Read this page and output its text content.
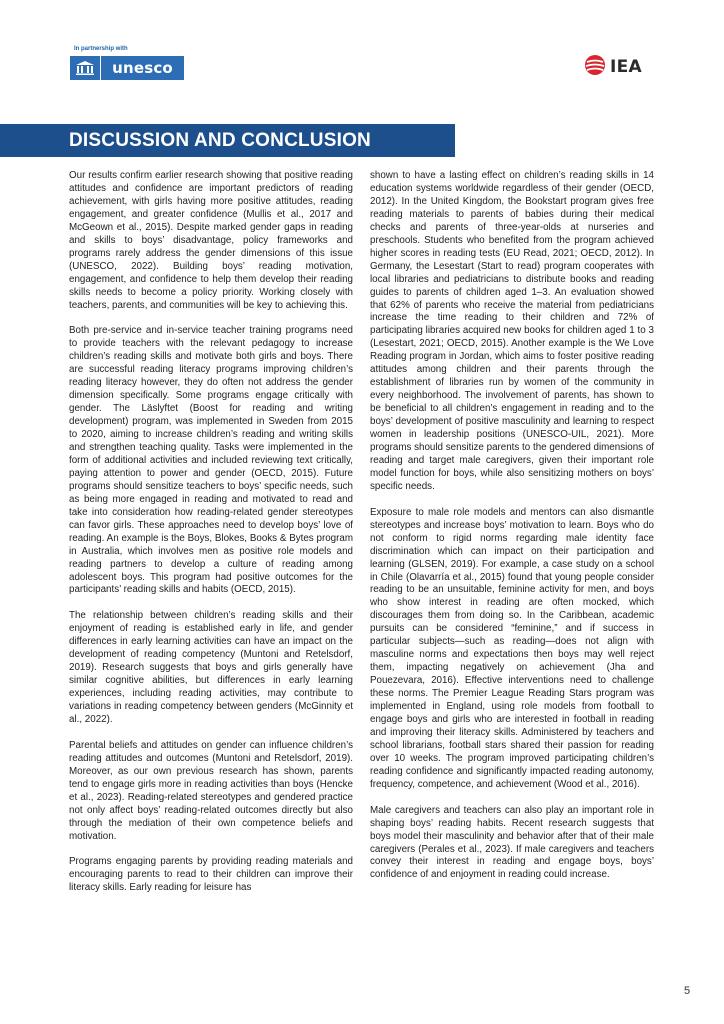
In partnership with
unesco	IEA
DISCUSSION AND CONCLUSION

Our results confirm earlier research showing that positive reading attitudes and confidence are important predictors of reading achievement, with girls having more positive attitudes, reading engagement, and greater confidence (Mullis et al., 2017 and McGeown et al., 2015). Despite marked gender gaps in reading and skills to boys’ disadvantage, policy frameworks and programs rarely address the gender dimensions of this issue (UNESCO, 2022). Building boys’ reading motivation, engagement, and confidence to help them develop their reading skills needs to become a policy priority. Working closely with teachers, parents, and communities will be key to achieving this.

Both pre-service and in-service teacher training programs need to provide teachers with the relevant pedagogy to increase children’s reading skills and motivate both girls and boys. There are successful reading literacy programs improving children’s reading literacy however, they do often not address the gender dimension specifically. Some programs engage critically with gender. The Läslyftet (Boost for reading and writing development) program, was implemented in Sweden from 2015 to 2020, aiming to increase children’s reading and writing skills and strengthen teaching quality. Tasks were implemented in the form of additional activities and included reviewing text critically, paying attention to power and gender (OECD, 2015). Future programs should sensitize teachers to boys’ specific needs, such as being more engaged in reading and motivated to read and take into consideration how reading-related gender stereotypes can favor girls. These approaches need to develop boys’ love of reading. An example is the Boys, Blokes, Books & Bytes program in Australia, which involves men as positive role models and reading partners to develop a culture of reading among adolescent boys. This program had positive outcomes for the participants’ reading skills and habits (OECD, 2015).

The relationship between children’s reading skills and their enjoyment of reading is established early in life, and gender differences in early learning activities can have an impact on the development of reading competency (Muntoni and Retelsdorf, 2019). Research suggests that boys and girls generally have similar cognitive abilities, but differences in early learning experiences, including reading activities, may contribute to variations in reading competency between genders (McGinnity et al., 2022).

Parental beliefs and attitudes on gender can influence children’s reading attitudes and outcomes (Muntoni and Retelsdorf, 2019). Moreover, as our own previous research has shown, parents tend to engage girls more in reading activities than boys (Hencke et al., 2023). Reading-related stereotypes and gendered practice not only affect boys’ reading-related outcomes directly but also through the mediation of their own competence beliefs and motivation.

Programs engaging parents by providing reading materials and encouraging parents to read to their children can improve their literacy skills. Early reading for leisure has

shown to have a lasting effect on children’s reading skills in 14 education systems worldwide regardless of their gender (OECD, 2012). In the United Kingdom, the Bookstart program gives free reading materials to parents of babies during their medical checks and parents of three-year-olds at nurseries and preschools. Students who benefited from the program achieved higher scores in reading tests (EU Read, 2021; OECD, 2012). In Germany, the Lesestart (Start to read) program cooperates with local libraries and pediatricians to distribute books and reading guides to parents of children aged 1–3. An evaluation showed that 62% of parents who receive the material from pediatricians increase the time reading to their children and 72% of participating libraries acquired new books for children aged 1 to 3 (Lesestart, 2021; OECD, 2015). Another example is the We Love Reading program in Jordan, which aims to foster positive reading attitudes among children and their parents through the establishment of libraries run by women of the community in every neighborhood. The involvement of parents, has shown to be beneficial to all children’s engagement in reading and to the boys’ development of positive masculinity and learning to respect women in leadership positions (UNESCO-UIL, 2021). More programs should sensitize parents to the gendered dimensions of reading and target male caregivers, given their important role model function for boys, while also sensitizing mothers on boys’ specific needs.

Exposure to male role models and mentors can also dismantle stereotypes and increase boys’ motivation to learn. Boys who do not conform to rigid norms regarding male identity face discrimination which can impact on their participation and learning (GLSEN, 2019). For example, a case study on a school in Chile (Olavarría et al., 2015) found that young people consider reading to be an unsuitable, feminine activity for men, and boys who show interest in reading are often mocked, which discourages them from doing so. In the Caribbean, academic pursuits can be considered “feminine,” and if success in particular subjects—such as reading—does not align with masculine norms and expectations then boys may well reject them, impacting negatively on achievement (Jha and Pouezevara, 2016). Effective interventions need to challenge these norms. The Premier League Reading Stars program was implemented in England, using role models from football to engage boys and girls who are interested in football in reading and improving their literacy skills. Administered by teachers and school librarians, football stars shared their passion for reading over 10 weeks. The program improved participating children’s reading confidence and significantly impacted reading autonomy, frequency, competence, and achievement (Wood et al., 2016).

Male caregivers and teachers can also play an important role in shaping boys’ reading habits. Recent research suggests that boys model their masculinity and behavior after that of their male caregivers (Perales et al., 2023). If male caregivers and teachers convey their interest in reading and engage boys, boys’ confidence of and enjoyment in reading could increase.

5
